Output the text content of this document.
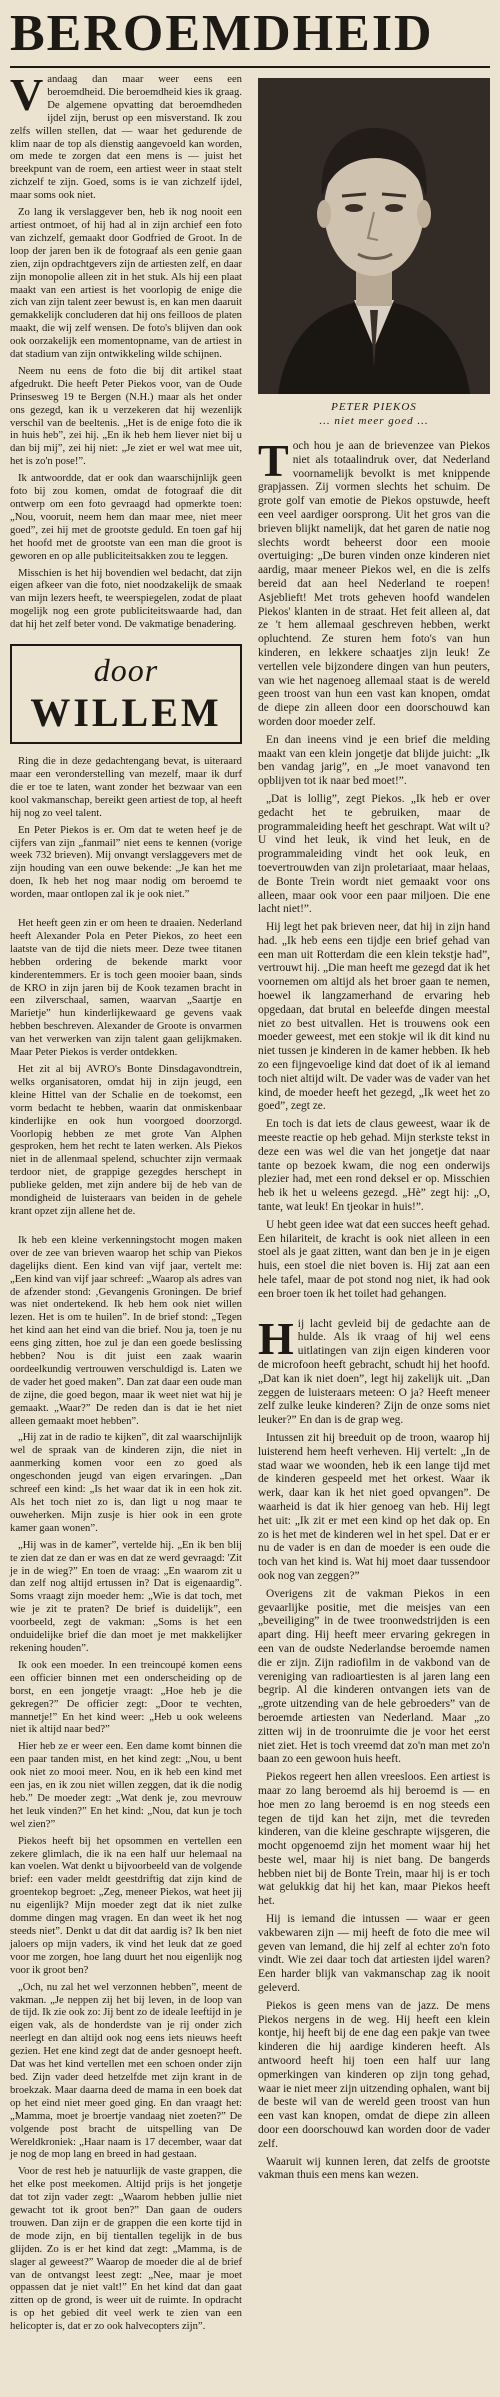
BEROEMDHEID

Vandaag dan maar weer eens een beroemdheid. Die beroemdheid kies ik graag. De algemene opvatting dat beroemdheden ijdel zijn, berust op een misverstand. Ik zou zelfs willen stellen, dat — waar het gedurende de klim naar de top als dienstig aangevoeld kan worden, om mede te zorgen dat een mens is — juist het breekpunt van de roem, een artiest weer in staat stelt zichzelf te zijn. Goed, soms is ie van zichzelf ijdel, maar soms ook niet.

Zo lang ik verslaggever ben, heb ik nog nooit een artiest ontmoet, of hij had al in zijn archief een foto van zichzelf, gemaakt door Godfried de Groot. In de loop der jaren ben ik de fotograaf als een genie gaan zien, zijn opdrachtgevers zijn de artiesten zelf, en daar zijn monopolie alleen zit in het stuk. Als hij een plaat maakt van een artiest is het voorlopig de enige die zich van zijn talent zeer bewust is, en kan men daaruit gemakkelijk concluderen dat hij ons feilloos de platen maakt, die wij zelf wensen. De foto's blijven dan ook ook oorzakelijk een momentopname, van de artiest in dat stadium van zijn ontwikkeling wilde schijnen.

Neem nu eens de foto die bij dit artikel staat afgedrukt. Die heeft Peter Piekos voor, van de Oude Prinsesweg 19 te Bergen (N.H.) maar als het onder ons gezegd, kan ik u verzekeren dat hij wezenlijk verschil van de beeltenis. „Het is de enige foto die ik in huis heb”, zei hij. „En ik heb hem liever niet bij u dan bij mij”, zei hij niet: „Je ziet er wel wat mee uit, het is zo'n pose!”.

Ik antwoordde, dat er ook dan waarschijnlijk geen foto bij zou komen, omdat de fotograaf die dit ontwerp om een foto gevraagd had opmerkte toen: „Nou, vooruit, neem hem dan maar mee, niet meer goed”, zei hij met de grootste geduld. En toen gaf hij het hoofd met de grootste van een man die groot is geworen en op alle publiciteitsakken zou te leggen.

Misschien is het hij bovendien wel bedacht, dat zijn eigen afkeer van die foto, niet noodzakelijk de smaak van mijn lezers heeft, te weerspiegelen, zodat de plaat mogelijk nog een grote publiciteitswaarde had, dan dat hij het zelf beter vond. De vakmatige benadering.

door
WILLEM

Ring die in deze gedachtengang bevat, is uiteraard maar een veronderstelling van mezelf, maar ik durf die er toe te laten, want zonder het bezwaar van een kool vakmanschap, bereikt geen artiest de top, al heeft hij nog zo veel talent.

En Peter Piekos is er. Om dat te weten heef je de cijfers van zijn „fanmail” niet eens te kennen (vorige week 732 brieven). Mij onvangt verslaggevers met de zijn houding van een ouwe bekende: „Je kan het me doen, Ik heb het nog maar nodig om beroemd te worden, maar ontlopen zal ik je ook niet.”

Het heeft geen zin er om heen te draaien. Nederland heeft Alexander Pola en Peter Piekos, zo heet een laatste van de tijd die niets meer. Deze twee titanen hebben ordering de bekende markt voor kinderentemmers. Er is toch geen mooier baan, sinds de KRO in zijn jaren bij de Kook tezamen bracht in een zilverschaal, samen, waarvan „Saartje en Marietje” hun kinderlijkewaard ge gevens vaak hebben beschreven. Alexander de Groote is onvarmen van het verwerken van zijn talent gaan gelijkmaken. Maar Peter Piekos is verder ontdekken.

Het zit al bij AVRO's Bonte Dinsdagavondtrein, welks organisatoren, omdat hij in zijn jeugd, een kleine Hittel van der Schalie en de toekomst, een vorm bedacht te hebben, waarin dat onmiskenbaar kinderlijke en ook hun voorgoed doorzorgd. Voorlopig hebben ze met grote Van Alphen gesproken, hem het recht te laten werken. Als Piekos niet in de allenmaal spelend, schuchter zijn vermaak terdoor niet, de grappige gezegdes herschept in publieke gelden, met zijn andere bij de heb van de mondigheid de luisteraars van beiden in de gehele krant opzet zijn allene het de.

Ik heb een kleine verkenningstocht mogen maken over de zee van brieven waarop het schip van Piekos dagelijks dient. Een kind van vijf jaar, vertelt me: „Een kind van vijf jaar schreef: „Waarop als adres van de afzender stond: ‚Gevangenis Groningen. De brief was niet ondertekend. Ik heb hem ook niet willen lezen. Het is om te huilen”. In de brief stond: „Tegen het kind aan het eind van die brief. Nou ja, toen je nu eens ging zitten, hoe zul je dan een goede beslissing hebben? Nou is dit juist een zaak waarin oordeelkundig vertrouwen verschuldigd is. Laten we de vader het goed maken”. Dan zat daar een oude man de zijne, die goed begon, maar ik weet niet wat hij je gemaakt. „Waar?” De reden dan is dat ie het niet alleen gemaakt moet hebben”.

„Hij zat in de radio te kijken”, dit zal waarschijnlijk wel de spraak van de kinderen zijn, die niet in aanmerking komen voor een zo goed als ongeschonden jeugd van eigen ervaringen. „Dan schreef een kind: „Is het waar dat ik in een hok zit. Als het toch niet zo is, dan ligt u nog maar te ouweherken. Mijn zusje is hier ook in een grote kamer gaan wonen”.

„Hij was in de kamer”, vertelde hij. „En ik ben blij te zien dat ze dan er was en dat ze werd gevraagd: 'Zit je in de wieg?” En toen de vraag: „En waarom zit u dan zelf nog altijd ertussen in? Dat is eigenaardig”. Soms vraagt zijn moeder hem: „Wie is dat toch, met wie je zit te praten? De brief is duidelijk”, een voorbeeld, zegt de vakman: „Soms is het een onduidelijke brief die dan moet je met makkelijker rekening houden”.

Ik ook een moeder. In een treincoupé komen eens een officier binnen met een onderscheiding op de borst, en een jongetje vraagt: „Hoe heb je die gekregen?” De officier zegt: „Door te vechten, mannetje!” En het kind weer: „Heb u ook weleens niet ik altijd naar bed?”

Hier heb ze er weer een. Een dame komt binnen die een paar tanden mist, en het kind zegt: „Nou, u bent ook niet zo mooi meer. Nou, en ik heb een kind met een jas, en ik zou niet willen zeggen, dat ik die nodig heb.” De moeder zegt: „Wat denk je, zou mevrouw het leuk vinden?” En het kind: „Nou, dat kun je toch wel zien?”

Piekos heeft bij het opsommen en vertellen een zekere glimlach, die ik na een half uur helemaal na kan voelen. Wat denkt u bijvoorbeeld van de volgende brief: een vader meldt geestdriftig dat zijn kind de groentekop begroet: „Zeg, meneer Piekos, wat heet jij nu eigenlijk? Mijn moeder zegt dat ik niet zulke domme dingen mag vragen. En dan weet ik het nog steeds niet”. Denkt u dat dit dat aardig is? Ik ben niet jaloers op mijn vaders, ik vind het leuk dat ze goed voor me zorgen, hoe lang duurt het nou eigenlijk nog voor ik groot ben?

„Och, nu zal het wel verzonnen hebben”, meent de vakman. „Je neppen zij het bij leven, in de loop van de tijd. Ik zie ook zo: Jij bent zo de ideale leeftijd in je eigen vak, als de honderdste van je rij onder zich neerlegt en dan altijd ook nog eens iets nieuws heeft gezien. Het ene kind zegt dat de ander gesnoept heeft. Dat was het kind vertellen met een schoen onder zijn bed. Zijn vader deed hetzelfde met zijn krant in de broekzak. Maar daarna deed de mama in een boek dat op het eind niet meer goed ging. En dan vraagt het: „Mamma, moet je broertje vandaag niet zoeten?” De volgende post bracht de uitspelling van De Wereldkroniek: „Haar naam is 17 december, waar dat je nog de mop lang en breed in had gestaan.

Voor de rest heb je natuurlijk de vaste grappen, die het elke post meekomen. Altijd prijs is het jongetje dat tot zijn vader zegt: „Waarom hebben jullie niet gewacht tot ik groot ben?” Dan gaan de ouders trouwen. Dan zijn er de grappen die een korte tijd in de mode zijn, en bij tientallen tegelijk in de bus glijden. Zo is er het kind dat zegt: „Mamma, is de slager al geweest?” Waarop de moeder die al de brief van de ontvangst leest zegt: „Nee, maar je moet oppassen dat je niet valt!” En het kind dat dan gaat zitten op de grond, is weer uit de ruimte. In opdracht is op het gebied dit veel werk te zien van een helicopter is, dat er zo ook halvecopters zijn”.

PETER PIEKOS
... niet meer goed ...

Toch hou je aan de brievenzee van Piekos niet als totaalindruk over, dat Nederland voornamelijk bevolkt is met knippende grapjassen. Zij vormen slechts het schuim. De grote golf van emotie de Piekos opstuwde, heeft een veel aardiger oorsprong. Uit het gros van die brieven blijkt namelijk, dat het garen de natie nog slechts wordt beheerst door een mooie overtuiging: „De buren vinden onze kinderen niet aardig, maar meneer Piekos wel, en die is zelfs bereid dat aan heel Nederland te roepen! Asjeblieft! Met trots geheven hoofd wandelen Piekos' klanten in de straat. Het feit alleen al, dat ze 't hem allemaal geschreven hebben, werkt opluchtend. Ze sturen hem foto's van hun kinderen, en lekkere schaatjes zijn leuk! Ze vertellen vele bijzondere dingen van hun peuters, van wie het nagenoeg allemaal staat is de wereld geen troost van hun een vast kan knopen, omdat de diepe zin alleen door een doorschouwd kan worden door moeder zelf.

En dan ineens vind je een brief die melding maakt van een klein jongetje dat blijde juicht: „Ik ben vandag jarig”, en „Je moet vanavond ten opblijven tot ik naar bed moet!”.

„Dat is lollig”, zegt Piekos. „Ik heb er over gedacht het te gebruiken, maar de programmaleiding heeft het geschrapt. Wat wilt u? U vind het leuk, ik vind het leuk, en de programmaleiding vindt het ook leuk, en toevertrouwden van zijn proletariaat, maar helaas, de Bonte Trein wordt niet gemaakt voor ons alleen, maar ook voor een paar miljoen. Die ene lacht niet!”.

Hij legt het pak brieven neer, dat hij in zijn hand had. „Ik heb eens een tijdje een brief gehad van een man uit Rotterdam die een klein tekstje had”, vertrouwt hij. „Die man heeft me gezegd dat ik het voornemen om altijd als het broer gaan te nemen, hoewel ik langzamerhand de ervaring heb opgedaan, dat brutal en beleefde dingen meestal niet zo best uitvallen. Het is trouwens ook een moeder geweest, met een stokje wil ik dit kind nu niet tussen je kinderen in de kamer hebben. Ik heb zo een fijngevoelige kind dat doet of ik al iemand toch niet altijd wilt. De vader was de vader van het kind, de moeder heeft het gezegd, „Ik weet het zo goed”, zegt ze.

En toch is dat iets de claus geweest, waar ik de meeste reactie op heb gehad. Mijn sterkste tekst in deze een was wel die van het jongetje dat naar tante op bezoek kwam, die nog een onderwijs plezier had, met een rond deksel er op. Misschien heb ik het u weleens gezegd. „Hè” zegt hij: „O, tante, wat leuk! En tjeokar in huis!”.

U hebt geen idee wat dat een succes heeft gehad. Een hilariteit, de kracht is ook niet alleen in een stoel als je gaat zitten, want dan ben je in je eigen huis, een stoel die niet boven is. Hij zat aan een hele tafel, maar de pot stond nog niet, ik had ook een broer toen ik het toilet had gehangen.

Hij lacht gevleid bij de gedachte aan de hulde. Als ik vraag of hij wel eens uitlatingen van zijn eigen kinderen voor de microfoon heeft gebracht, schudt hij het hoofd. „Dat kan ik niet doen”, legt hij zakelijk uit. „Dan zeggen de luisteraars meteen: O ja? Heeft meneer zelf zulke leuke kinderen? Zijn de onze soms niet leuker?” En dan is de grap weg.

Intussen zit hij breeduit op de troon, waarop hij luisterend hem heeft verheven. Hij vertelt: „In de stad waar we woonden, heb ik een lange tijd met de kinderen gespeeld met het orkest. Waar ik werk, daar kan ik het niet goed opvangen”. De waarheid is dat ik hier genoeg van heb. Hij legt het uit: „Ik zit er met een kind op het dak op. En zo is het met de kinderen wel in het spel. Dat er er nu de vader is en dan de moeder is een oude die toch van het kind is. Wat hij moet daar tussendoor ook nog van zeggen?”

Overigens zit de vakman Piekos in een gevaarlijke positie, met die meisjes van een „beveiliging” in de twee troonwedstrijden is een apart ding. Hij heeft meer ervaring gekregen in een van de oudste Nederlandse beroemde namen die er zijn. Zijn radiofilm in de vakbond van de vereniging van radioartiesten is al jaren lang een begrip. Al die kinderen ontvangen iets van de „grote uitzending van de hele gebroeders” van de beroemde artiesten van Nederland. Maar „zo zitten wij in de troonruimte die je voor het eerst niet ziet. Het is toch vreemd dat zo'n man met zo'n baan zo een gewoon huis heeft.

Piekos regeert hen allen vreesloos. Een artiest is maar zo lang beroemd als hij beroemd is — en hoe men zo lang beroemd is en nog steeds een tegen de tijd kan het zijn, met die tevreden kinderen, van die kleine geschrapte wijsgeren, die mocht opgenoemd zijn het moment waar hij het beste wel, maar hij is niet bang. De bangerds hebben niet bij de Bonte Trein, maar hij is er toch wat gelukkig dat hij het kan, maar Piekos heeft het.

Hij is iemand die intussen — waar er geen vakbewaren zijn — mij heeft de foto die mee wil geven van lemand, die hij zelf al echter zo'n foto vindt. Wie zei daar toch dat artiesten ijdel waren? Een harder blijk van vakmanschap zag ik nooit geleverd.

Piekos is geen mens van de jazz. De mens Piekos nergens in de weg. Hij heeft een klein kontje, hij heeft bij de ene dag een pakje van twee kinderen die hij aardige kinderen heeft. Als antwoord heeft hij toen een half uur lang opmerkingen van kinderen op zijn tong gehad, waar ie niet meer zijn uitzending ophalen, want bij de beste wil van de wereld geen troost van hun een vast kan knopen, omdat de diepe zin alleen door een doorschouwd kan worden door de vader zelf.

Waaruit wij kunnen leren, dat zelfs de grootste vakman thuis een mens kan wezen.
